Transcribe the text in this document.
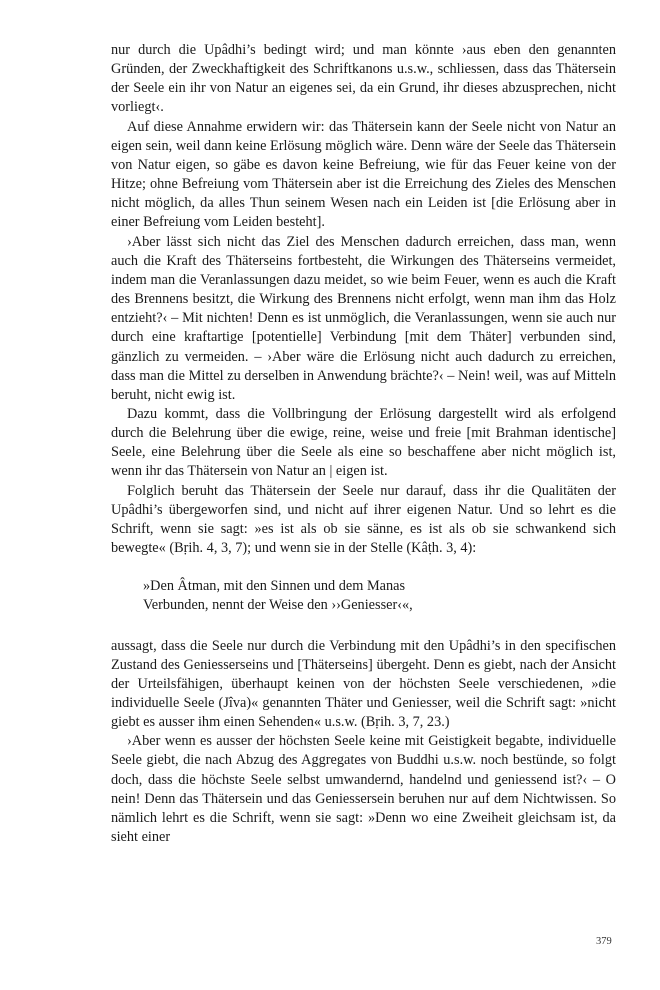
nur durch die Upâdhi’s bedingt wird; und man könnte ›aus eben den genannten Gründen, der Zweckhaftigkeit des Schriftkanons u.s.w., schliessen, dass das Thätersein der Seele ein ihr von Natur an eigenes sei, da ein Grund, ihr dieses abzusprechen, nicht vorliegt‹.

Auf diese Annahme erwidern wir: das Thätersein kann der Seele nicht von Natur an eigen sein, weil dann keine Erlösung möglich wäre. Denn wäre der Seele das Thätersein von Natur eigen, so gäbe es davon keine Befreiung, wie für das Feuer keine von der Hitze; ohne Befreiung vom Thätersein aber ist die Erreichung des Zieles des Menschen nicht möglich, da alles Thun seinem Wesen nach ein Leiden ist [die Erlösung aber in einer Befreiung vom Leiden besteht].

›Aber lässt sich nicht das Ziel des Menschen dadurch erreichen, dass man, wenn auch die Kraft des Thäterseins fortbesteht, die Wirkungen des Thäterseins vermeidet, indem man die Veranlassungen dazu meidet, so wie beim Feuer, wenn es auch die Kraft des Brennens besitzt, die Wirkung des Brennens nicht erfolgt, wenn man ihm das Holz entzieht?‹ – Mit nichten! Denn es ist unmöglich, die Veranlassungen, wenn sie auch nur durch eine kraftartige [potentielle] Verbindung [mit dem Thäter] verbunden sind, gänzlich zu vermeiden. – ›Aber wäre die Erlösung nicht auch dadurch zu erreichen, dass man die Mittel zu derselben in Anwendung brächte?‹ – Nein! weil, was auf Mitteln beruht, nicht ewig ist.

Dazu kommt, dass die Vollbringung der Erlösung dargestellt wird als erfolgend durch die Belehrung über die ewige, reine, weise und freie [mit Brahman identische] Seele, eine Belehrung über die Seele als eine so beschaffene aber nicht möglich ist, wenn ihr das Thätersein von Natur an | eigen ist.

Folglich beruht das Thätersein der Seele nur darauf, dass ihr die Qualitäten der Upâdhi’s übergeworfen sind, und nicht auf ihrer eigenen Natur. Und so lehrt es die Schrift, wenn sie sagt: »es ist als ob sie sänne, es ist als ob sie schwankend sich bewegte« (Bṛih. 4, 3, 7); und wenn sie in der Stelle (Kâṭh. 3, 4):

»Den Âtman, mit den Sinnen und dem Manas
Verbunden, nennt der Weise den ››Geniesser‹«,

aussagt, dass die Seele nur durch die Verbindung mit den Upâdhi’s in den specifischen Zustand des Geniesserseins und [Thäterseins] übergeht. Denn es giebt, nach der Ansicht der Urteilsfähigen, überhaupt keinen von der höchsten Seele verschiedenen, »die individuelle Seele (Jîva)« genannten Thäter und Geniesser, weil die Schrift sagt: »nicht giebt es ausser ihm einen Sehenden« u.s.w. (Bṛih. 3, 7, 23.)

›Aber wenn es ausser der höchsten Seele keine mit Geistigkeit begabte, individuelle Seele giebt, die nach Abzug des Aggregates von Buddhi u.s.w. noch bestünde, so folgt doch, dass die höchste Seele selbst umwandernd, handelnd und geniessend ist?‹ – O nein! Denn das Thätersein und das Geniessersein beruhen nur auf dem Nichtwissen. So nämlich lehrt es die Schrift, wenn sie sagt: »Denn wo eine Zweiheit gleichsam ist, da sieht einer

379
